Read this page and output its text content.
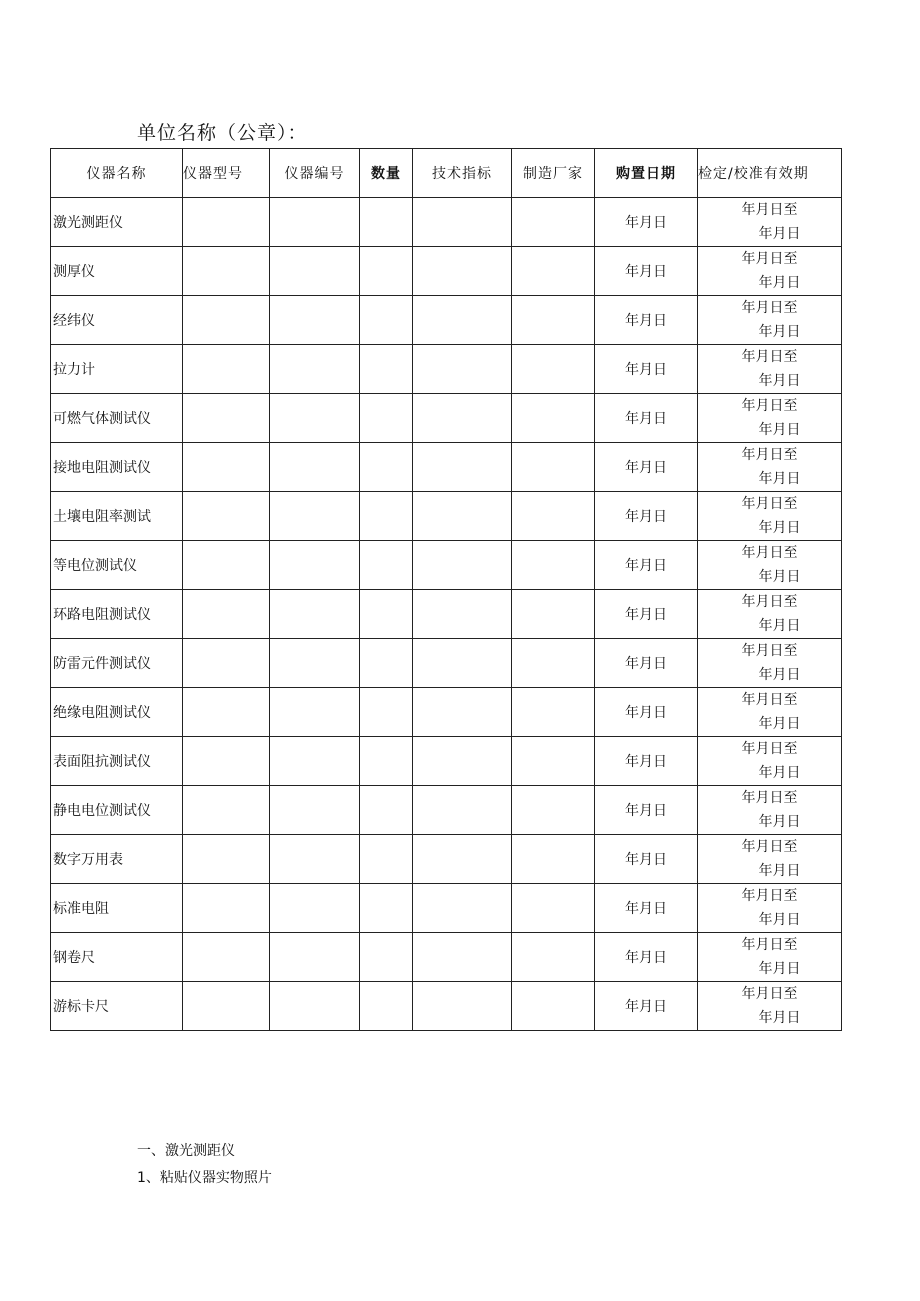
单位名称（公章）：
仪器名称	仪器型号	仪器编号	数量	技术指标	制造厂家	购置日期	检定/校准有效期
激光测距仪						年月日	年月日至
年月日

测厚仪						年月日	年月日至
年月日

经纬仪						年月日	年月日至
年月日

拉力计						年月日	年月日至
年月日

可燃气体测试仪						年月日	年月日至
年月日

接地电阻测试仪						年月日	年月日至
年月日

土壤电阻率测试						年月日	年月日至
年月日

等电位测试仪						年月日	年月日至
年月日

环路电阻测试仪						年月日	年月日至
年月日

防雷元件测试仪						年月日	年月日至
年月日

绝缘电阻测试仪						年月日	年月日至
年月日

表面阻抗测试仪						年月日	年月日至
年月日

静电电位测试仪						年月日	年月日至
年月日

数字万用表						年月日	年月日至
年月日

标准电阻						年月日	年月日至
年月日

钢卷尺						年月日	年月日至
年月日

游标卡尺						年月日	年月日至
年月日
一、激光测距仪
1、粘贴仪器实物照片
